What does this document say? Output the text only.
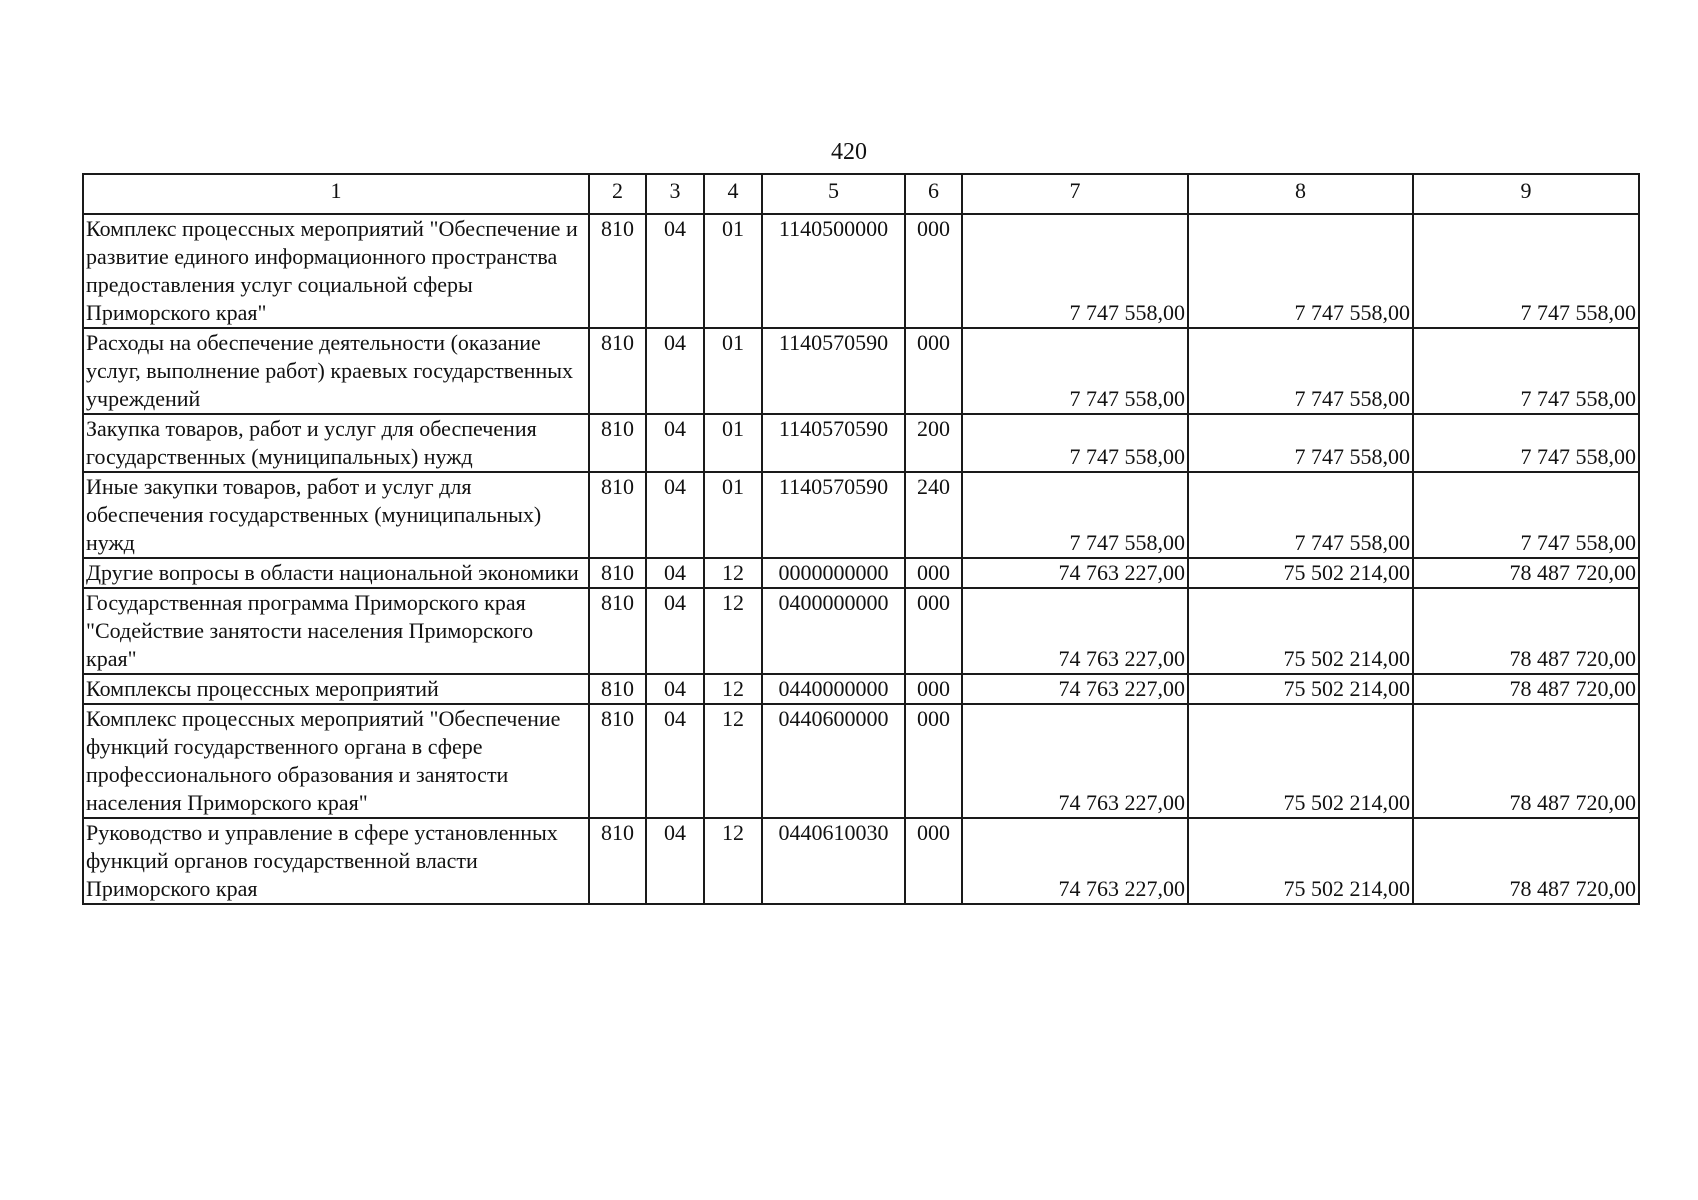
420
1	2	3	4	5	6	7	8	9
Комплекс процессных мероприятий "Обеспечение и развитие единого информационного пространства предоставления услуг социальной сферы Приморского края"	810	04	01	1140500000	000	7 747 558,00	7 747 558,00	7 747 558,00
Расходы на обеспечение деятельности (оказание услуг, выполнение работ) краевых государственных учреждений	810	04	01	1140570590	000	7 747 558,00	7 747 558,00	7 747 558,00
Закупка товаров, работ и услуг для обеспечения государственных (муниципальных) нужд	810	04	01	1140570590	200	7 747 558,00	7 747 558,00	7 747 558,00
Иные закупки товаров, работ и услуг для обеспечения государственных (муниципальных) нужд	810	04	01	1140570590	240	7 747 558,00	7 747 558,00	7 747 558,00
Другие вопросы в области национальной экономики	810	04	12	0000000000	000	74 763 227,00	75 502 214,00	78 487 720,00
Государственная программа Приморского края "Содействие занятости населения Приморского края"	810	04	12	0400000000	000	74 763 227,00	75 502 214,00	78 487 720,00
Комплексы процессных мероприятий	810	04	12	0440000000	000	74 763 227,00	75 502 214,00	78 487 720,00
Комплекс процессных мероприятий "Обеспечение функций государственного органа в сфере профессионального образования и занятости населения Приморского края"	810	04	12	0440600000	000	74 763 227,00	75 502 214,00	78 487 720,00
Руководство и управление в сфере установленных функций органов государственной власти Приморского края	810	04	12	0440610030	000	74 763 227,00	75 502 214,00	78 487 720,00
